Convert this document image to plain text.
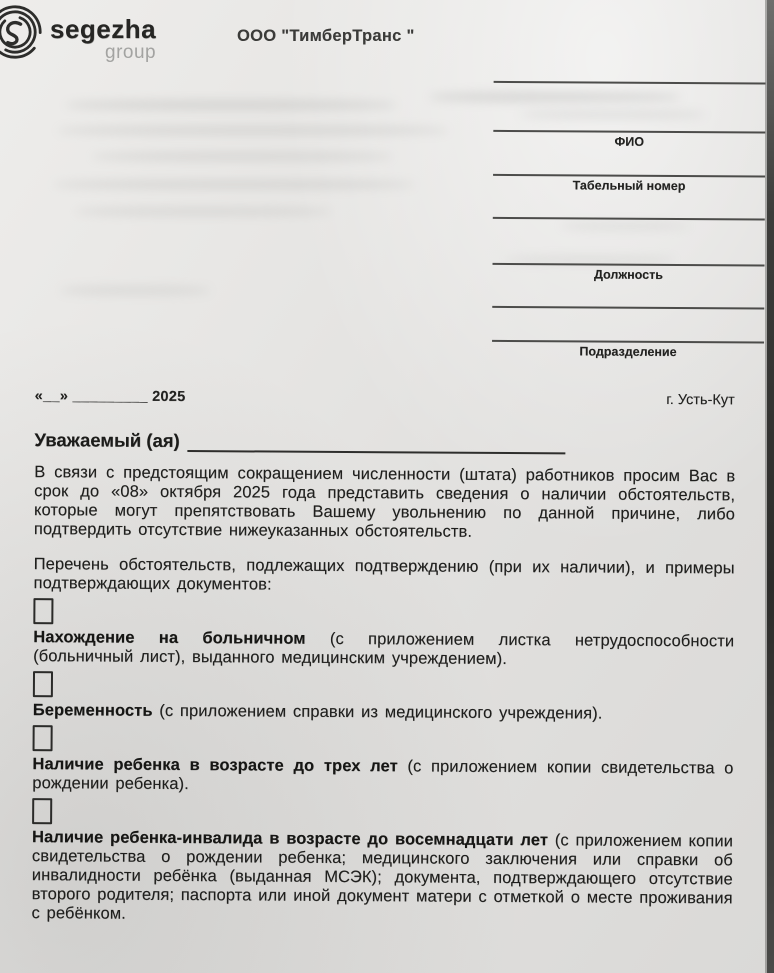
segezha
group
ООО "ТимберТранс "
ФИО
Табельный номер
Должность
Подразделение
«__» _________ 2025	г. Усть-Кут
Уважаемый (ая)

В связи с предстоящим сокращением численности (штата) работников просим Вас в срок до «08» октября 2025 года представить сведения о наличии обстоятельств, которые могут препятствовать Вашему увольнению по данной причине, либо подтвердить отсутствие нижеуказанных обстоятельств.

Перечень обстоятельств, подлежащих подтверждению (при их наличии), и примеры подтверждающих документов:

Нахождение на больничном (с приложением листка нетрудоспособности (больничный лист), выданного медицинским учреждением).

Беременность (с приложением справки из медицинского учреждения).

Наличие ребенка в возрасте до трех лет (с приложением копии свидетельства о рождении ребенка).

Наличие ребенка-инвалида в возрасте до восемнадцати лет (с приложением копии свидетельства о рождении ребенка; медицинского заключения или справки об инвалидности ребёнка (выданная МСЭК); документа, подтверждающего отсутствие второго родителя; паспорта или иной документ матери с отметкой о месте проживания с ребёнком.
